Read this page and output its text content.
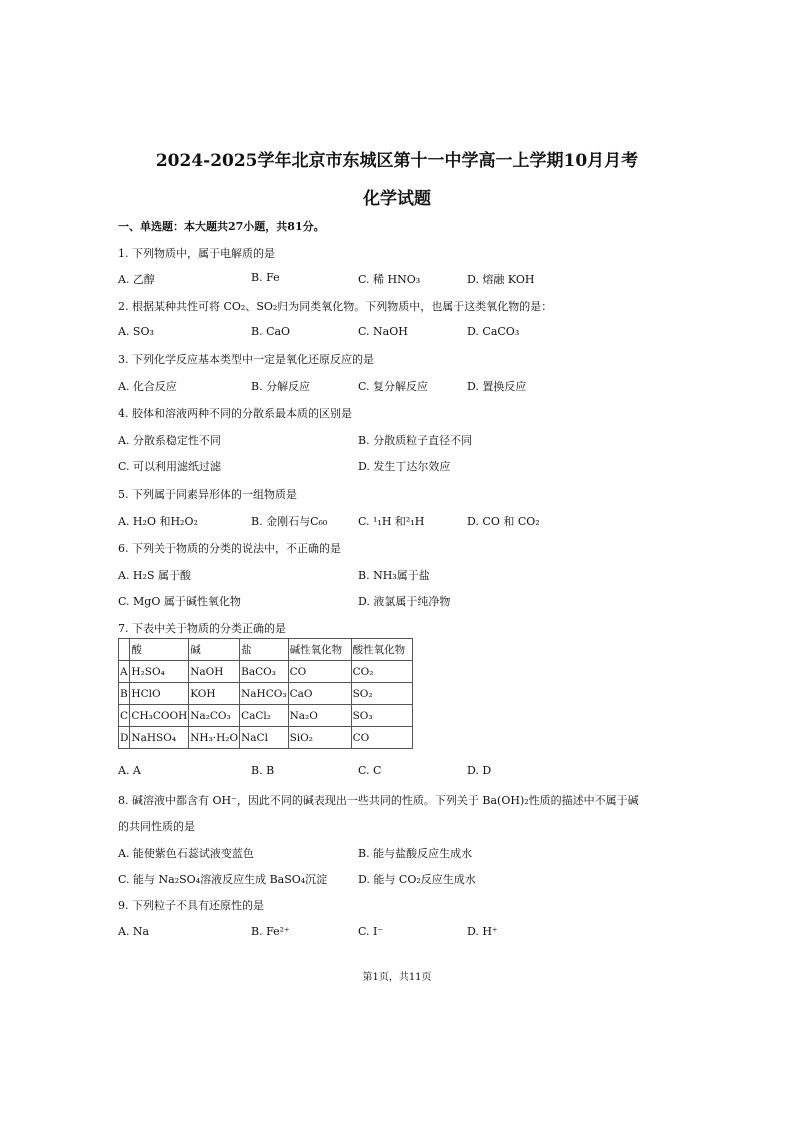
2024-2025学年北京市东城区第十一中学高一上学期10月月考
化学试题
一、单选题：本大题共27小题，共81分。
1. 下列物质中，属于电解质的是
A. 乙醇	B. Fe	C. 稀 HNO₃	D. 熔融 KOH
2. 根据某种共性可将 CO₂、SO₂归为同类氧化物。下列物质中，也属于这类氧化物的是：
A. SO₃	B. CaO	C. NaOH	D. CaCO₃
3. 下列化学反应基本类型中一定是氧化还原反应的是
A. 化合反应	B. 分解反应	C. 复分解反应	D. 置换反应
4. 胶体和溶液两种不同的分散系最本质的区别是
A. 分散系稳定性不同	B. 分散质粒子直径不同
C. 可以利用滤纸过滤	D. 发生丁达尔效应
5. 下列属于同素异形体的一组物质是
A. H₂O 和H₂O₂	B. 金刚石与C₆₀	C. ¹₁H 和²₁H	D. CO 和 CO₂
6. 下列关于物质的分类的说法中，不正确的是
A. H₂S 属于酸	B. NH₃属于盐
C. MgO 属于碱性氧化物	D. 液氯属于纯净物
7. 下表中关于物质的分类正确的是
	酸	碱	盐	碱性氧化物	酸性氧化物
A	H₂SO₄	NaOH	BaCO₃	CO	CO₂
B	HClO	KOH	NaHCO₃	CaO	SO₂
C	CH₃COOH	Na₂CO₃	CaCl₂	Na₂O	SO₃
D	NaHSO₄	NH₃·H₂O	NaCl	SiO₂	CO
A. A	B. B	C. C	D. D
8. 碱溶液中都含有 OH⁻，因此不同的碱表现出一些共同的性质。下列关于 Ba(OH)₂性质的描述中不属于碱
的共同性质的是
A. 能使紫色石蕊试液变蓝色	B. 能与盐酸反应生成水
C. 能与 Na₂SO₄溶液反应生成 BaSO₄沉淀	D. 能与 CO₂反应生成水
9. 下列粒子不具有还原性的是
A. Na	B. Fe²⁺	C. I⁻	D. H⁺
第1页，共11页
